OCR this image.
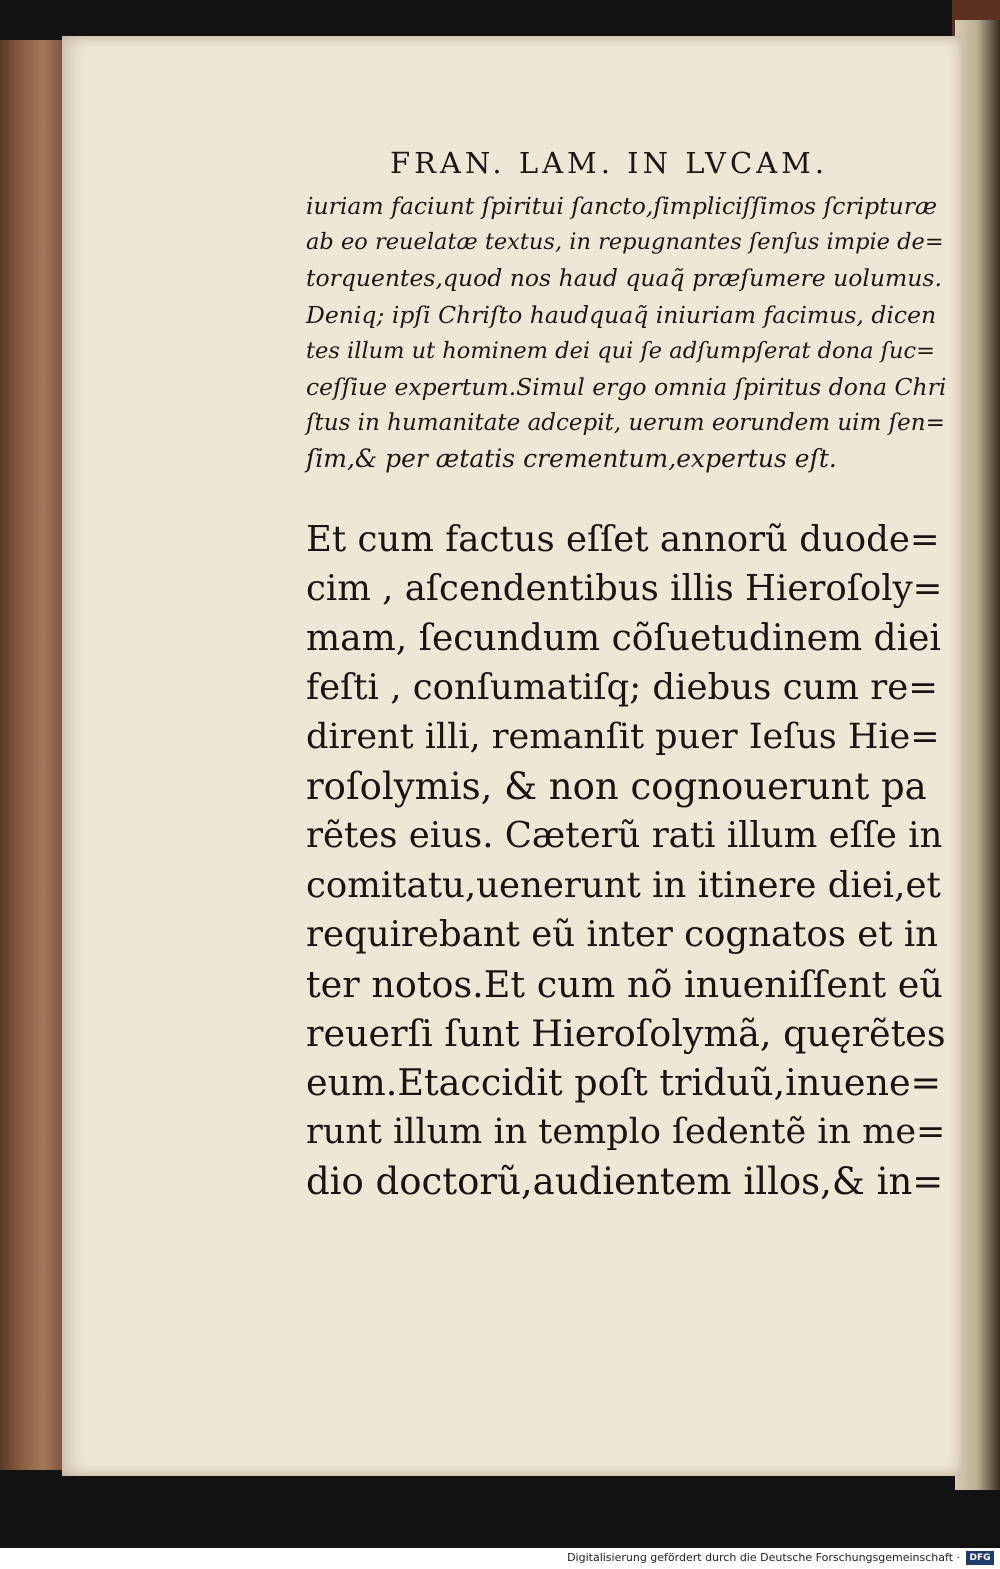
FRAN. LAM. IN LVCAM.
iuriam faciunt ſpiritui ſancto,ſimpliciſſimos ſcripturæ
ab eo reuelatæ textus, in repugnantes ſenſus impie de=
torquentes,quod nos haud quaq̃ præſumere uolumus.
Deniq; ipſi Chriſto haudquaq̃ iniuriam facimus, dicen
tes illum ut hominem dei qui ſe adſumpſerat dona ſuc=
ceſſiue expertum.Simul ergo omnia ſpiritus dona Chri
ſtus in humanitate adcepit, uerum eorundem uim ſen=
ſim,& per ætatis crementum,expertus eſt.
Et cum factus eſſet annorũ duode=
cim , aſcendentibus illis Hieroſoly=
mam, ſecundum cõſuetudinem diei
feſti , conſumatiſq; diebus cum re=
dirent illi, remanſit puer Ieſus Hie=
roſolymis, & non cognouerunt pa
rẽtes eius. Cæterũ rati illum eſſe in
comitatu,uenerunt in itinere diei,et
requirebant eũ inter cognatos et in
ter notos.Et cum nõ inueniſſent eũ
reuerſi ſunt Hieroſolymã, quęrẽtes
eum.Etaccidit poſt triduũ,inuene=
runt illum in templo ſedentẽ in me=
dio doctorũ,audientem illos,& in=
Digitalisierung gefördert durch die Deutsche Forschungsgemeinschaft ·	DFG
